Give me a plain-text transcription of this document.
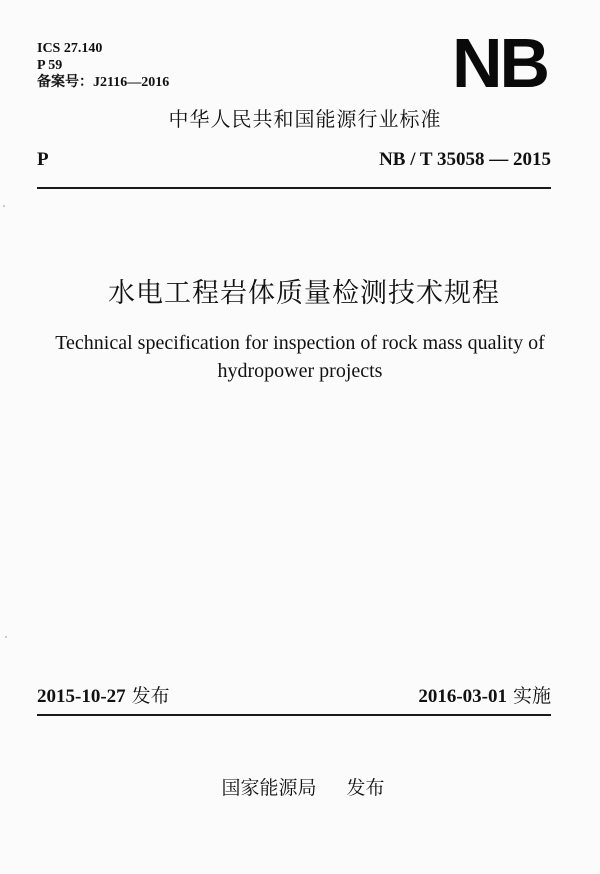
ICS 27.140
P 59
备案号：J2116—2016	NB
中华人民共和国能源行业标准
P	NB / T 35058 — 2015
水电工程岩体质量检测技术规程
Technical specification for inspection of rock mass quality of
hydropower projects
2015-10-27 发布	2016-03-01 实施
国家能源局 发布
